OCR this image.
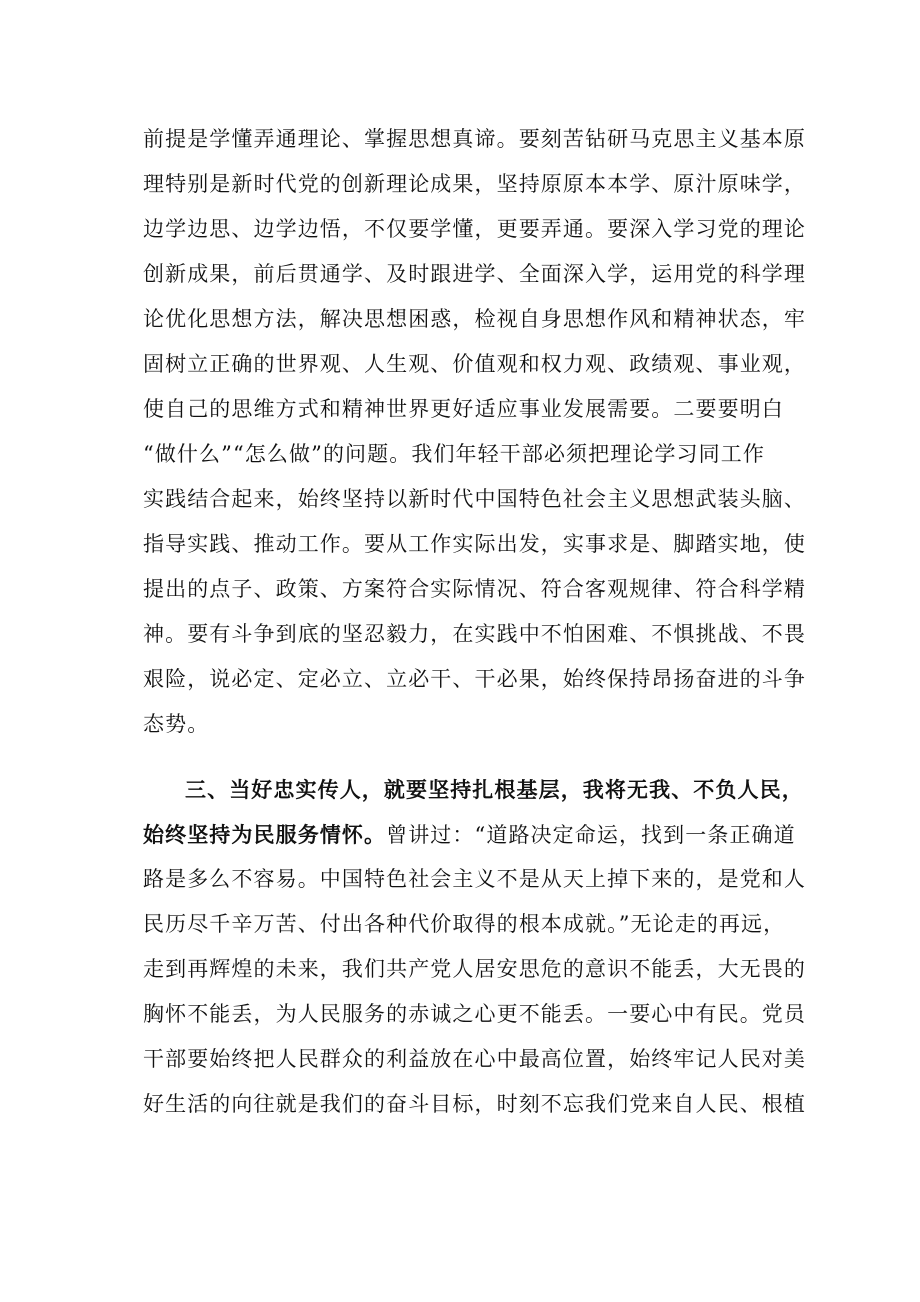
前提是学懂弄通理论、掌握思想真谛。要刻苦钻研马克思主义基本原
理特别是新时代党的创新理论成果，坚持原原本本学、原汁原味学，
边学边思、边学边悟，不仅要学懂，更要弄通。要深入学习党的理论
创新成果，前后贯通学、及时跟进学、全面深入学，运用党的科学理
论优化思想方法，解决思想困惑，检视自身思想作风和精神状态，牢
固树立正确的世界观、人生观、价值观和权力观、政绩观、事业观，
使自己的思维方式和精神世界更好适应事业发展需要。二要要明白
“做什么”“怎么做”的问题。我们年轻干部必须把理论学习同工作
实践结合起来，始终坚持以新时代中国特色社会主义思想武装头脑、
指导实践、推动工作。要从工作实际出发，实事求是、脚踏实地，使
提出的点子、政策、方案符合实际情况、符合客观规律、符合科学精
神。要有斗争到底的坚忍毅力，在实践中不怕困难、不惧挑战、不畏
艰险，说必定、定必立、立必干、干必果，始终保持昂扬奋进的斗争
态势。
三、当好忠实传人，就要坚持扎根基层，我将无我、不负人民，
始终坚持为民服务情怀。曾讲过：“道路决定命运，找到一条正确道
路是多么不容易。中国特色社会主义不是从天上掉下来的，是党和人
民历尽千辛万苦、付出各种代价取得的根本成就。”无论走的再远，
走到再辉煌的未来，我们共产党人居安思危的意识不能丢，大无畏的
胸怀不能丢，为人民服务的赤诚之心更不能丢。一要心中有民。党员
干部要始终把人民群众的利益放在心中最高位置，始终牢记人民对美
好生活的向往就是我们的奋斗目标，时刻不忘我们党来自人民、根植
